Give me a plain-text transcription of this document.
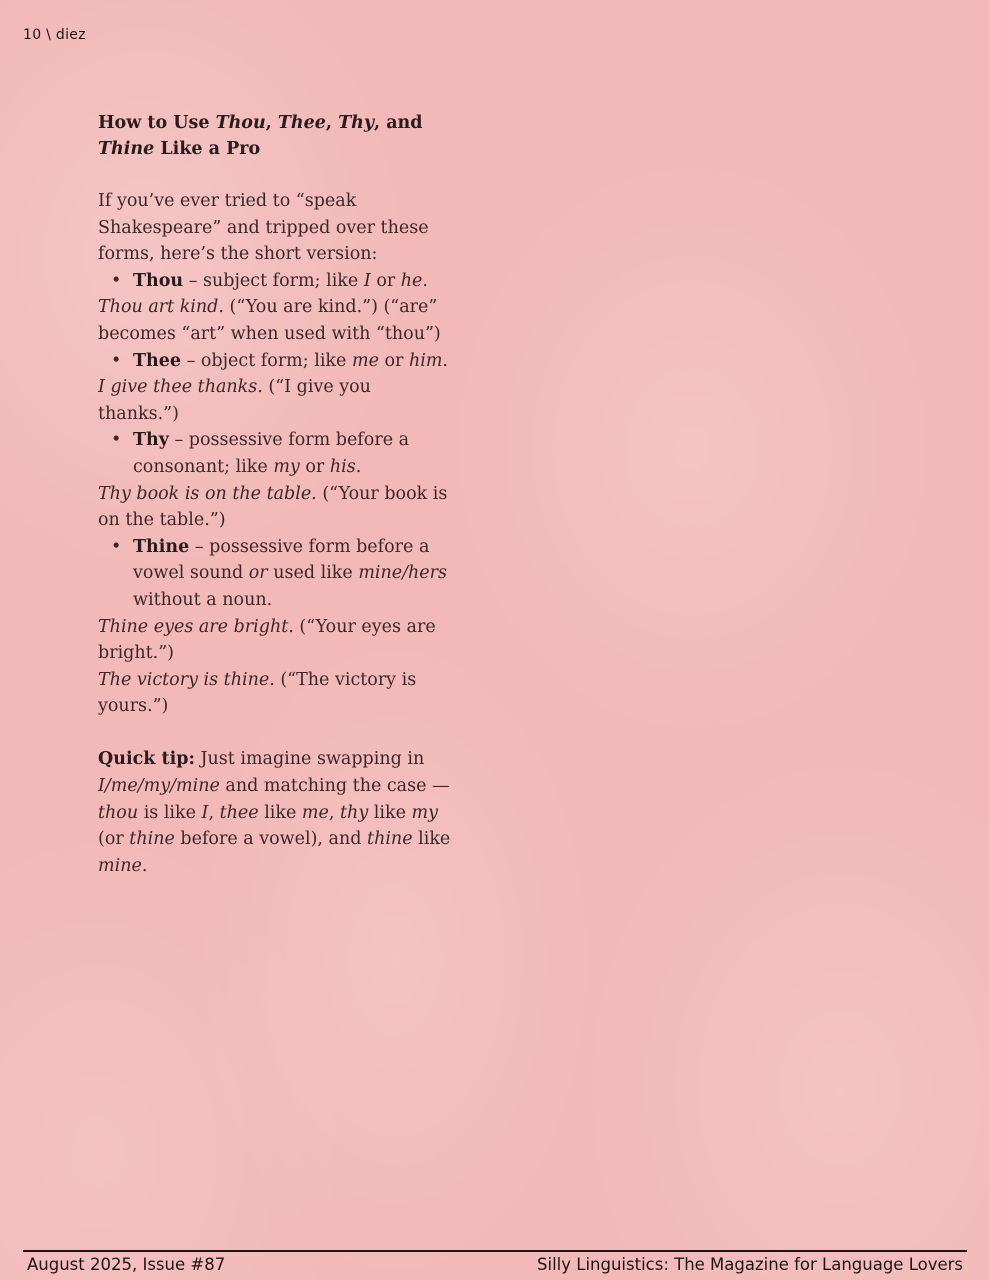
10 \ diez
How to Use Thou, Thee, Thy, and
Thine Like a Pro

If you’ve ever tried to “speak Shakespeare” and tripped over these forms, here’s the short version:

• Thou – subject form; like I or he.

Thou art kind. (“You are kind.”) (“are” becomes “art” when used with “thou”)

• Thee – object form; like me or him.

I give thee thanks. (“I give you thanks.”)

• Thy – possessive form before a consonant; like my or his.

Thy book is on the table. (“Your book is on the table.”)

• Thine – possessive form before a vowel sound or used like mine/hers without a noun.

Thine eyes are bright. (“Your eyes are bright.”)

The victory is thine. (“The victory is yours.”)

Quick tip: Just imagine swapping in I/me/my/mine and matching the case — thou is like I, thee like me, thy like my (or thine before a vowel), and thine like mine.

August 2025, Issue #87	Silly Linguistics: The Magazine for Language Lovers
